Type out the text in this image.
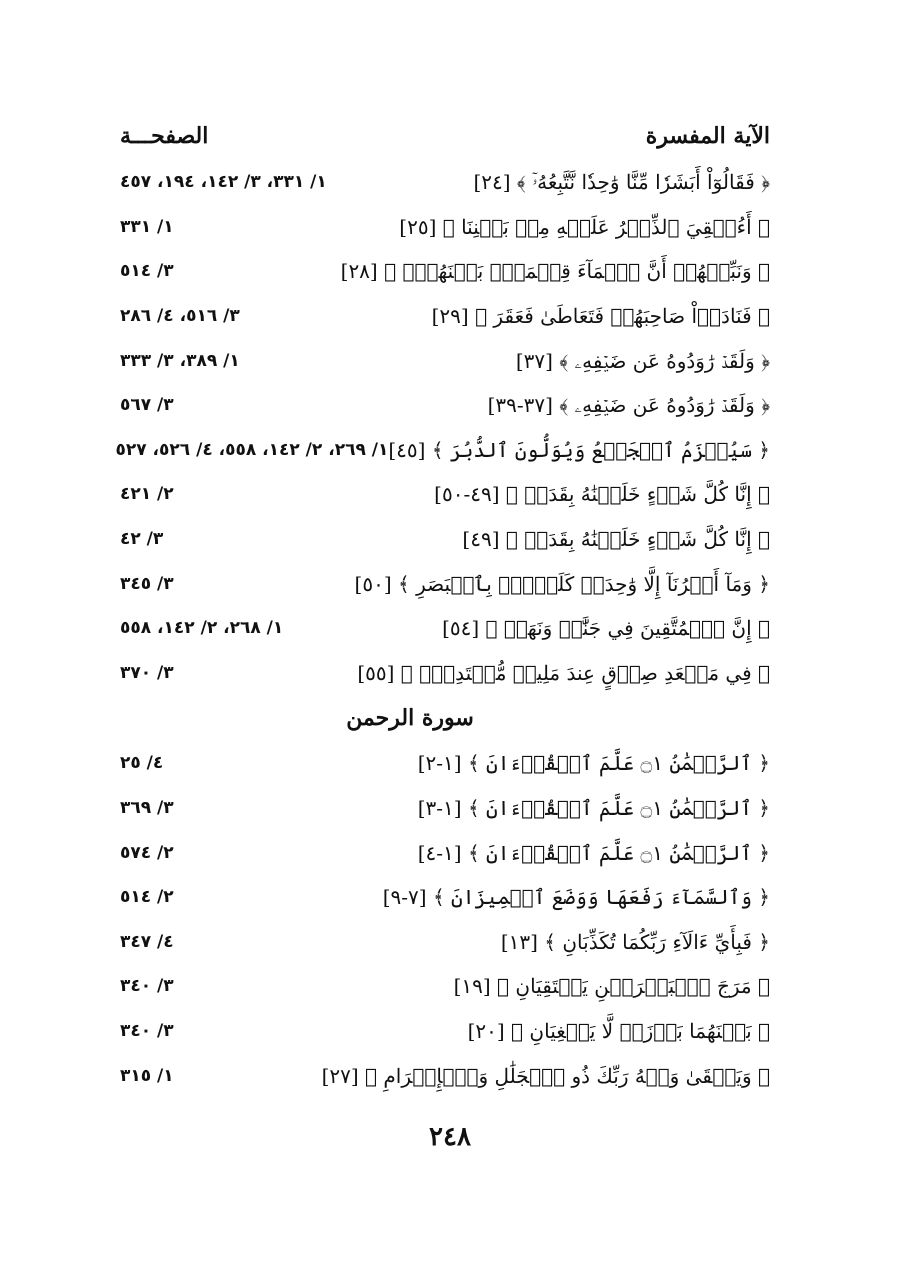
الآية المفسرة
الصفحـــة
﴿ فَقَالُوٓاْ أَبَشَرٗا مِّنَّا وَٰحِدٗا نَّتَّبِعُهُۥٓ ﴾ [٢٤]
١/ ٣٣١، ٣/ ١٤٢، ١٩٤، ٤٥٧
﴿ أَءُلۡقِيَ ٱلذِّكۡرُ عَلَيۡهِ مِنۢ بَيۡنِنَا ﴾ [٢٥]
١/ ٣٣١
﴿ وَنَبِّئۡهُمۡ أَنَّ ٱلۡمَآءَ قِسۡمَةُۢ بَيۡنَهُمۡۖ ﴾ [٢٨]
٣/ ٥١٤
﴿ فَنَادَوۡاْ صَاحِبَهُمۡ فَتَعَاطَىٰ فَعَقَرَ ﴾ [٢٩]
٣/ ٥١٦، ٤/ ٢٨٦
﴿ وَلَقَدۡ رَٰوَدُوهُ عَن ضَيۡفِهِۦ ﴾ [٣٧]
١/ ٣٨٩، ٣/ ٣٣٣
﴿ وَلَقَدۡ رَٰوَدُوهُ عَن ضَيۡفِهِۦ ﴾ [٣٧-٣٩]
٣/ ٥٦٧
﴿ سَيُهۡزَمُ ٱلۡجَمۡعُ وَيُوَلُّونَ ٱلدُّبُرَ ﴾ [٤٥]
١/ ٢٦٩، ٢/ ١٤٢، ٥٥٨، ٤/ ٥٢٦، ٥٢٧
﴿ إِنَّا كُلَّ شَيۡءٍ خَلَقۡنَٰهُ بِقَدَرٖ ﴾ [٤٩-٥٠]
٢/ ٤٢١
﴿ إِنَّا كُلَّ شَيۡءٍ خَلَقۡنَٰهُ بِقَدَرٖ ﴾ [٤٩]
٣/ ٤٢
﴿ وَمَآ أَمۡرُنَآ إِلَّا وَٰحِدَةٞ كَلَمۡحِۭ بِٱلۡبَصَرِ ﴾ [٥٠]
٣/ ٣٤٥
﴿ إِنَّ ٱلۡمُتَّقِينَ فِي جَنَّٰتٖ وَنَهَرٖ ﴾ [٥٤]
١/ ٢٦٨، ٢/ ١٤٢، ٥٥٨
﴿ فِي مَقۡعَدِ صِدۡقٍ عِندَ مَلِيكٖ مُّقۡتَدِرِۭ ﴾ [٥٥]
٣/ ٣٧٠
سورة الرحمن
﴿ ٱلرَّحۡمَٰنُ ۝١ عَلَّمَ ٱلۡقُرۡءَانَ ﴾ [١-٢]
٤/ ٢٥
﴿ ٱلرَّحۡمَٰنُ ۝١ عَلَّمَ ٱلۡقُرۡءَانَ ﴾ [١-٣]
٣/ ٣٦٩
﴿ ٱلرَّحۡمَٰنُ ۝١ عَلَّمَ ٱلۡقُرۡءَانَ ﴾ [١-٤]
٢/ ٥٧٤
﴿ وَٱلسَّمَآءَ رَفَعَهَا وَوَضَعَ ٱلۡمِيزَانَ ﴾ [٧-٩]
٢/ ٥١٤
﴿ فَبِأَيِّ ءَالَآءِ رَبِّكُمَا تُكَذِّبَانِ ﴾ [١٣]
٤/ ٣٤٧
﴿ مَرَجَ ٱلۡبَحۡرَيۡنِ يَلۡتَقِيَانِ ﴾ [١٩]
٣/ ٣٤٠
﴿ بَيۡنَهُمَا بَرۡزَخٞ لَّا يَبۡغِيَانِ ﴾ [٢٠]
٣/ ٣٤٠
﴿ وَيَبۡقَىٰ وَجۡهُ رَبِّكَ ذُو ٱلۡجَلَٰلِ وَٱلۡإِكۡرَامِ ﴾ [٢٧]
١/ ٣١٥
٢٤٨
